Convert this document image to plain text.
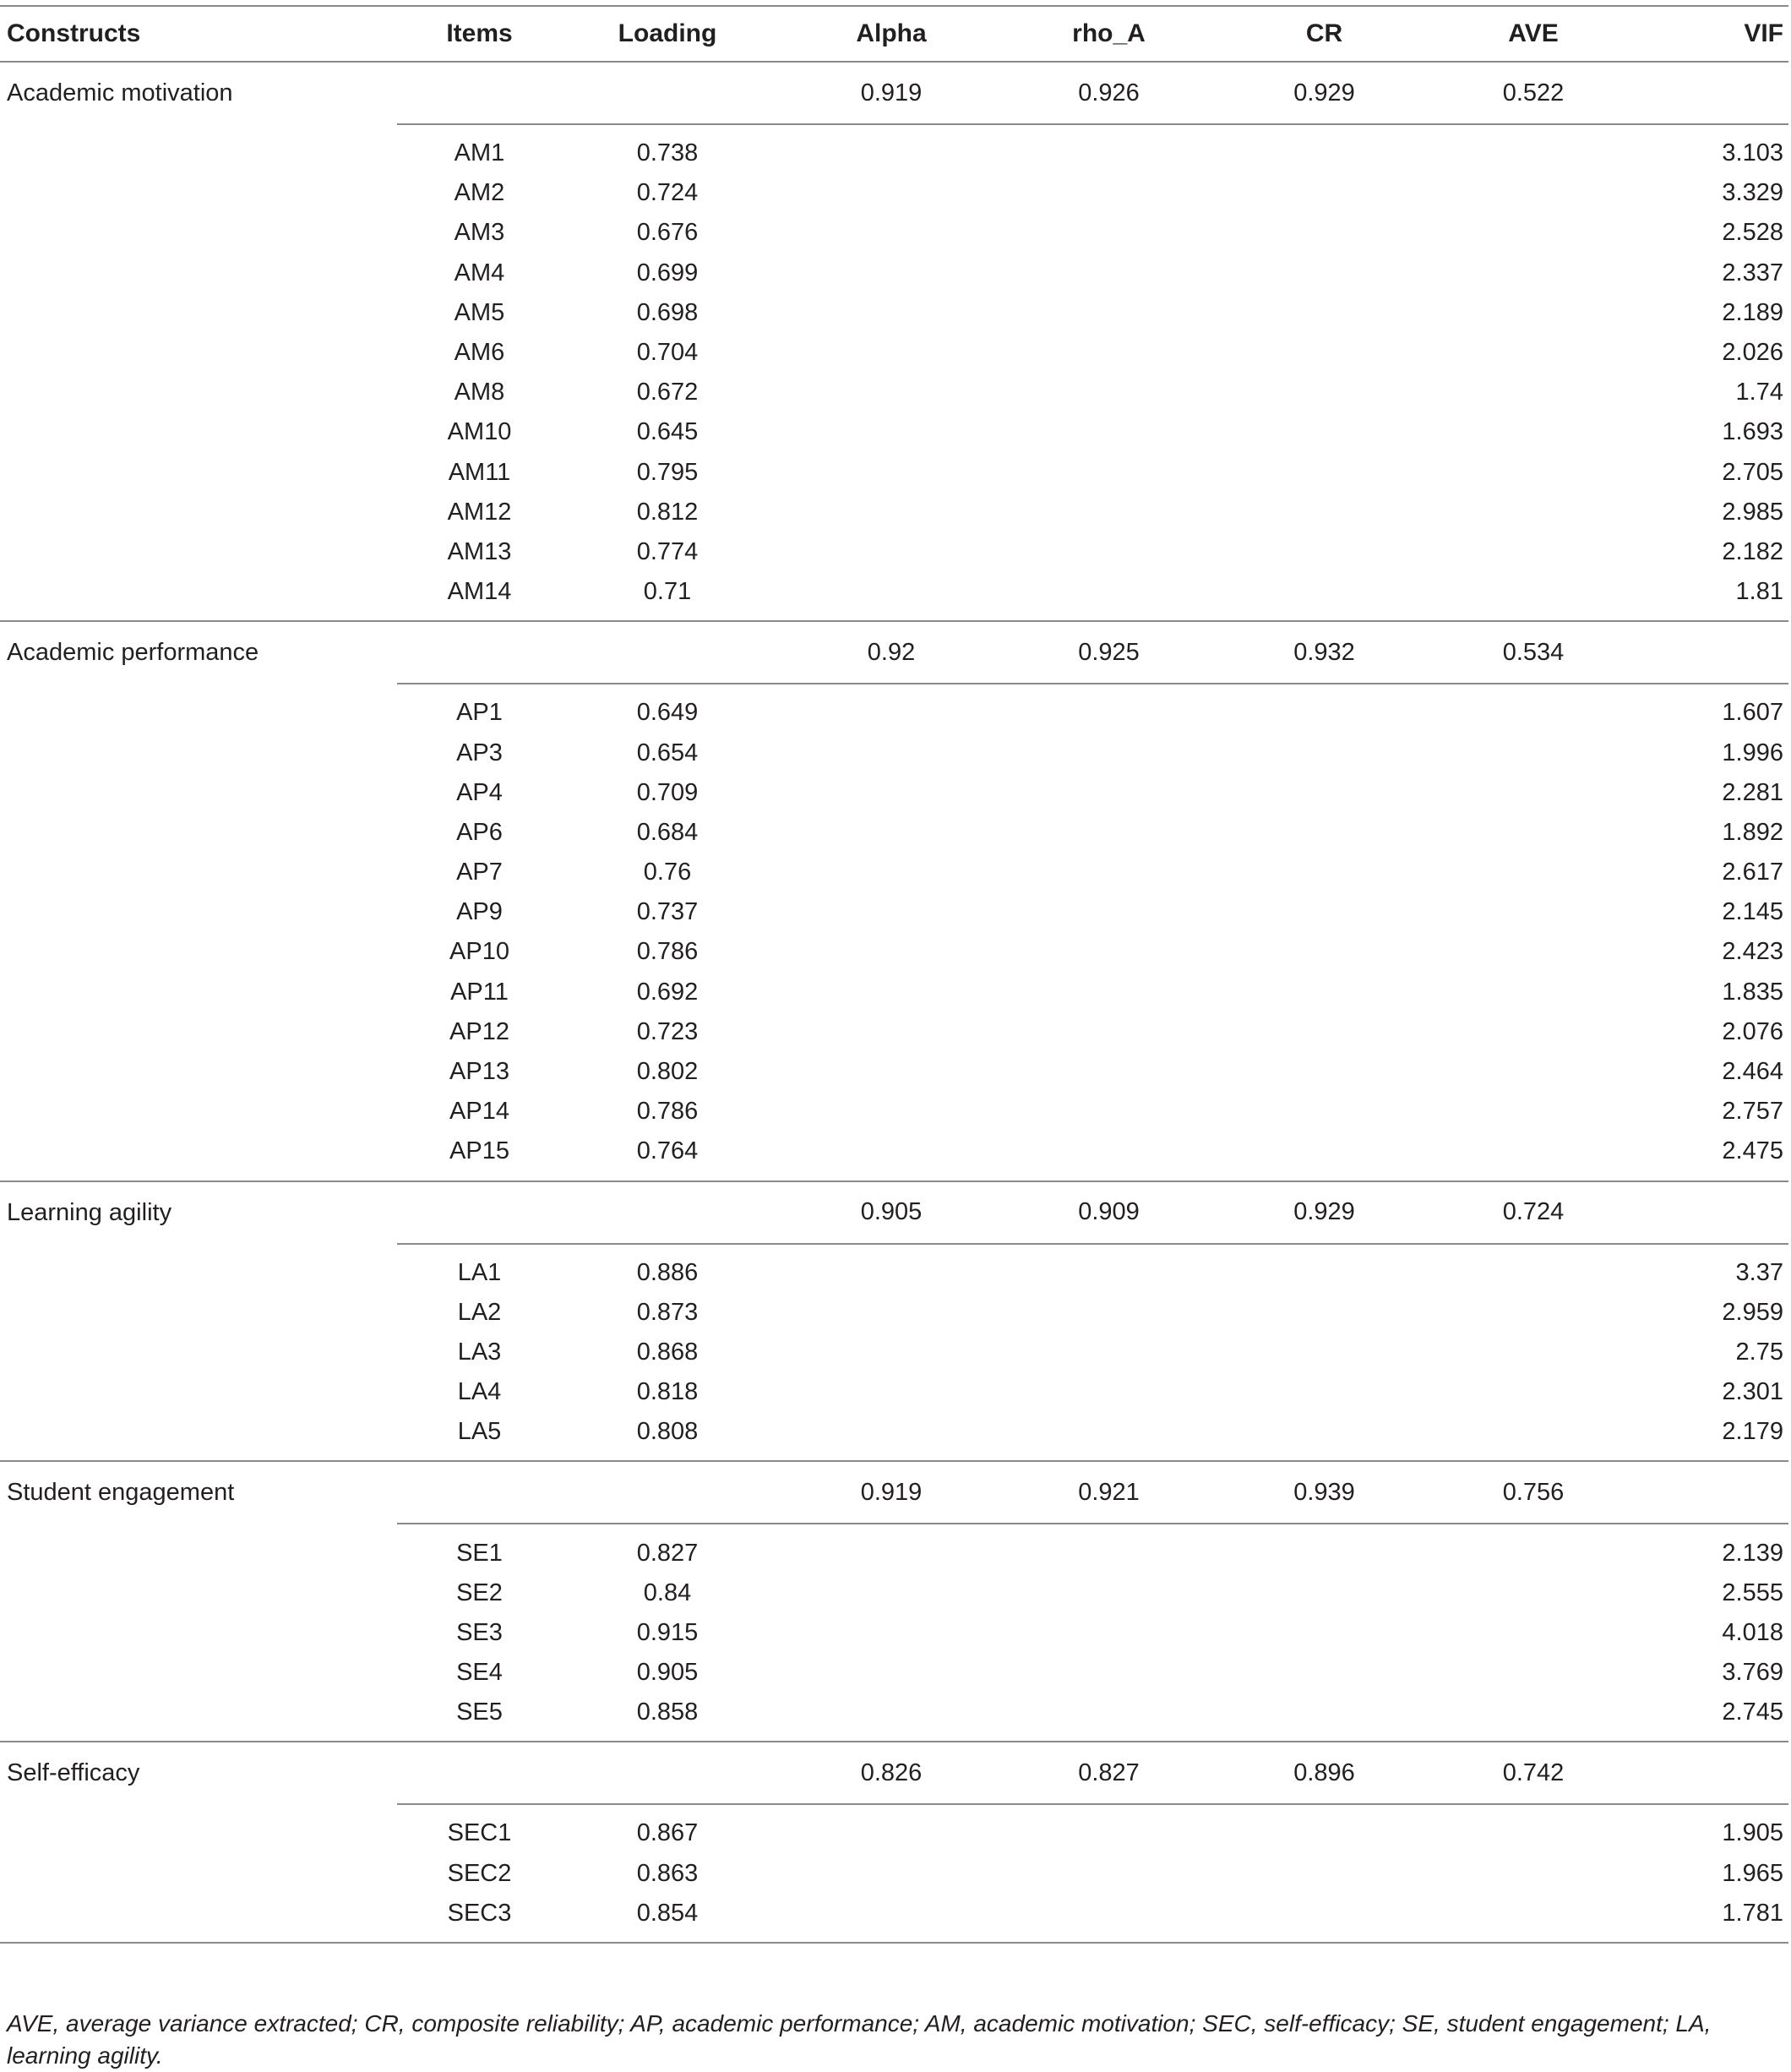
Constructs	Items	Loading	Alpha	rho_A	CR	AVE	VIF
Academic motivation			0.919	0.926	0.929	0.522	

	AM1	0.738					3.103
	AM2	0.724					3.329
	AM3	0.676					2.528
	AM4	0.699					2.337
	AM5	0.698					2.189
	AM6	0.704					2.026
	AM8	0.672					1.74
	AM10	0.645					1.693
	AM11	0.795					2.705
	AM12	0.812					2.985
	AM13	0.774					2.182
	AM14	0.71					1.81

Academic performance			0.92	0.925	0.932	0.534	

	AP1	0.649					1.607
	AP3	0.654					1.996
	AP4	0.709					2.281
	AP6	0.684					1.892
	AP7	0.76					2.617
	AP9	0.737					2.145
	AP10	0.786					2.423
	AP11	0.692					1.835
	AP12	0.723					2.076
	AP13	0.802					2.464
	AP14	0.786					2.757
	AP15	0.764					2.475

Learning agility			0.905	0.909	0.929	0.724	

	LA1	0.886					3.37
	LA2	0.873					2.959
	LA3	0.868					2.75
	LA4	0.818					2.301
	LA5	0.808					2.179

Student engagement			0.919	0.921	0.939	0.756	

	SE1	0.827					2.139
	SE2	0.84					2.555
	SE3	0.915					4.018
	SE4	0.905					3.769
	SE5	0.858					2.745

Self-efficacy			0.826	0.827	0.896	0.742	

	SEC1	0.867					1.905
	SEC2	0.863					1.965
	SEC3	0.854					1.781

AVE, average variance extracted; CR, composite reliability; AP, academic performance; AM, academic motivation; SEC, self-efficacy; SE, student engagement; LA, learning agility.
